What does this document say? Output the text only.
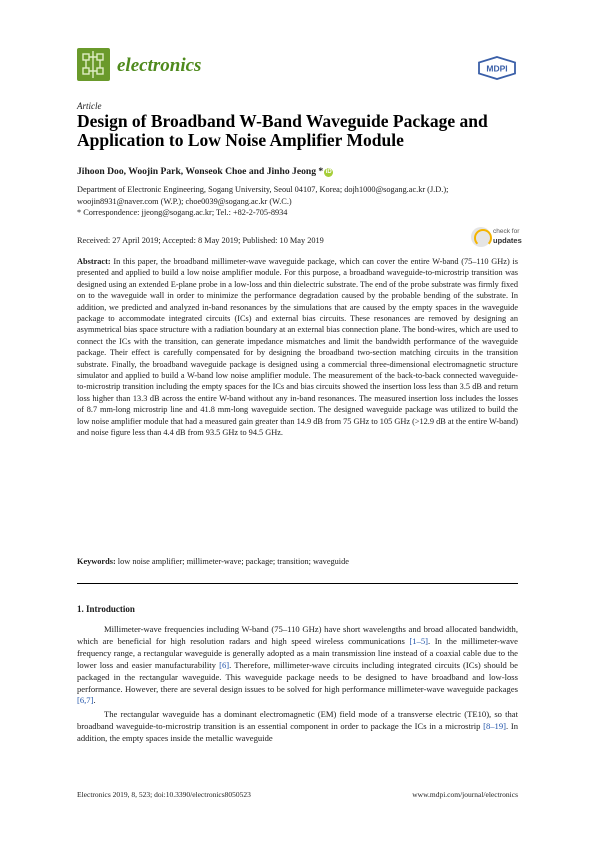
electronics	MDPI
Article
Design of Broadband W-Band Waveguide Package and Application to Low Noise Amplifier Module
Jihoon Doo, Woojin Park, Wonseok Choe and Jinho Jeong * iD
Department of Electronic Engineering, Sogang University, Seoul 04107, Korea; dojh1000@sogang.ac.kr (J.D.);
woojin8931@naver.com (W.P.); choe0039@sogang.ac.kr (W.C.)
* Correspondence: jjeong@sogang.ac.kr; Tel.: +82-2-705-8934
Received: 27 April 2019; Accepted: 8 May 2019; Published: 10 May 2019
check for
updates
Abstract: In this paper, the broadband millimeter-wave waveguide package, which can cover the entire W-band (75–110 GHz) is presented and applied to build a low noise amplifier module. For this purpose, a broadband waveguide-to-microstrip transition was designed using an extended E-plane probe in a low-loss and thin dielectric substrate. The end of the probe substrate was firmly fixed on to the waveguide wall in order to minimize the performance degradation caused by the probable bending of the substrate. In addition, we predicted and analyzed in-band resonances by the simulations that are caused by the empty spaces in the waveguide package to accommodate integrated circuits (ICs) and external bias circuits. These resonances are removed by designing an asymmetrical bias space structure with a radiation boundary at an external bias connection plane. The bond-wires, which are used to connect the ICs with the transition, can generate impedance mismatches and limit the bandwidth performance of the waveguide package. Their effect is carefully compensated for by designing the broadband two-section matching circuits in the transition substrate. Finally, the broadband waveguide package is designed using a commercial three-dimensional electromagnetic structure simulator and applied to build a W-band low noise amplifier module. The measurement of the back-to-back connected waveguide-to-microstrip transition including the empty spaces for the ICs and bias circuits showed the insertion loss less than 3.5 dB and return loss higher than 13.3 dB across the entire W-band without any in-band resonances. The measured insertion loss includes the losses of 8.7 mm-long microstrip line and 41.8 mm-long waveguide section. The designed waveguide package was utilized to build the low noise amplifier module that had a measured gain greater than 14.9 dB from 75 GHz to 105 GHz (>12.9 dB at the entire W-band) and noise figure less than 4.4 dB from 93.5 GHz to 94.5 GHz.
Keywords: low noise amplifier; millimeter-wave; package; transition; waveguide
1. Introduction

Millimeter-wave frequencies including W-band (75–110 GHz) have short wavelengths and broad allocated bandwidth, which are beneficial for high resolution radars and high speed wireless communications [1–5]. In the millimeter-wave frequency range, a rectangular waveguide is generally adopted as a main transmission line instead of a coaxial cable due to the lower loss and easier manufacturability [6]. Therefore, millimeter-wave circuits including integrated circuits (ICs) should be packaged in the rectangular waveguide. This waveguide package needs to be designed to have broadband and low-loss performance. However, there are several design issues to be solved for high performance millimeter-wave waveguide packages [6,7].

The rectangular waveguide has a dominant electromagnetic (EM) field mode of a transverse electric (TE10), so that broadband waveguide-to-microstrip transition is an essential component in order to package the ICs in a microstrip [8–19]. In addition, the empty spaces inside the metallic waveguide

Electronics 2019, 8, 523; doi:10.3390/electronics8050523	www.mdpi.com/journal/electronics
